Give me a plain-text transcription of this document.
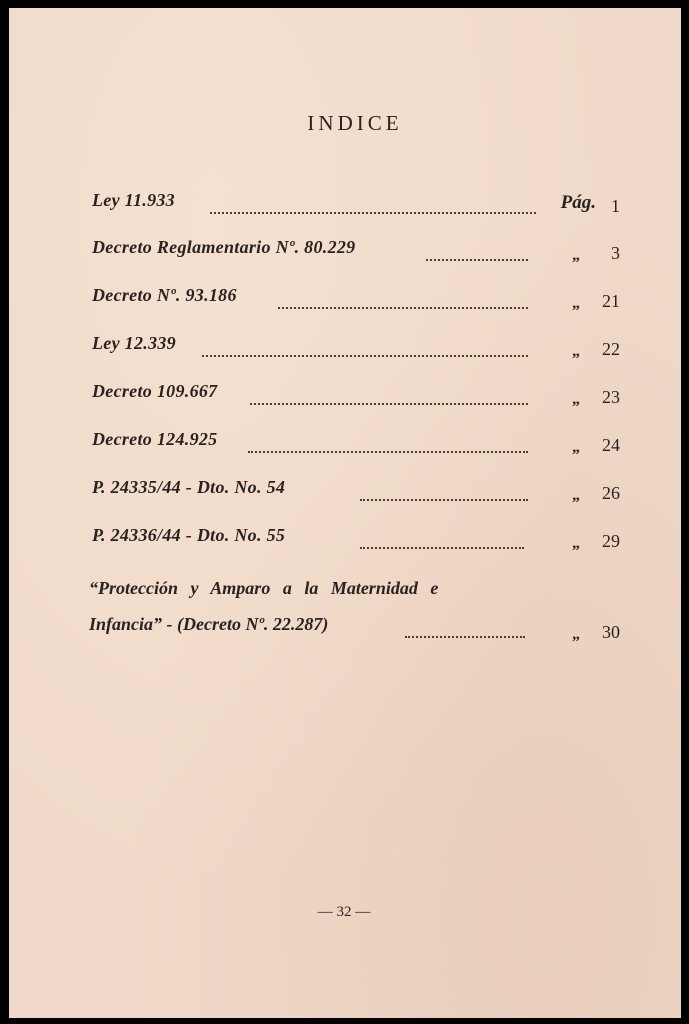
INDICE
Ley 11.933	Pág. 1
Decreto Reglamentario Nº. 80.229	„ 3
Decreto Nº. 93.186	„ 21
Ley 12.339	„ 22
Decreto 109.667	„ 23
Decreto 124.925	„ 24
P. 24335/44 - Dto. No. 54	„ 26
P. 24336/44 - Dto. No. 55	„ 29
“Protección y Amparo a la Maternidad e
Infancia” - (Decreto Nº. 22.287)
„ 30
— 32 —
